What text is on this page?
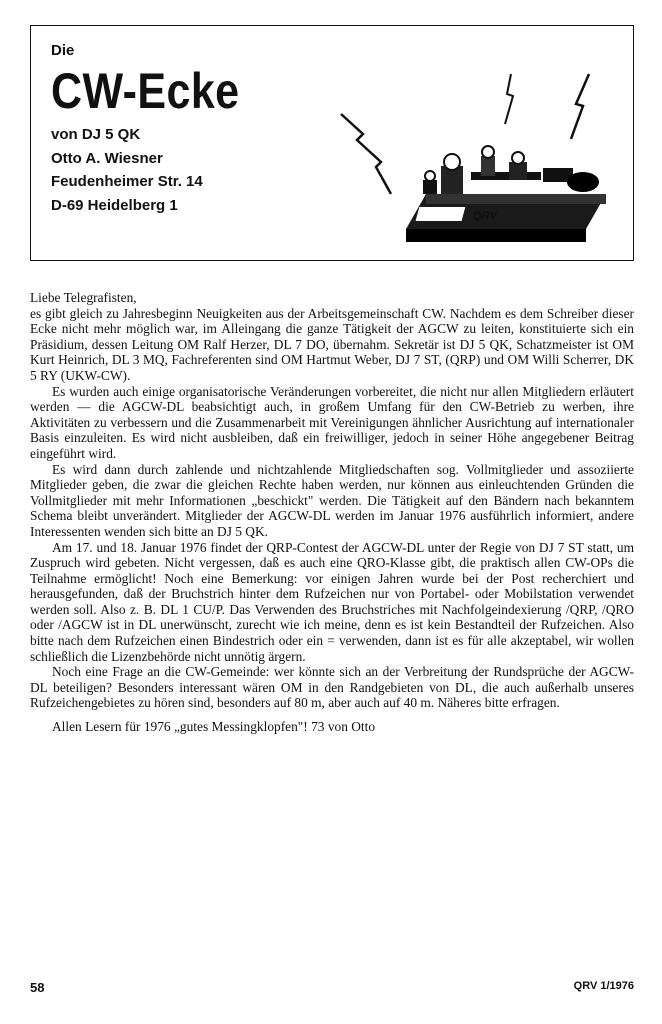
Die
CW-Ecke
von DJ 5 QK
Otto A. Wiesner
Feudenheimer Str. 14
D-69 Heidelberg 1
QRV

Liebe Telegrafisten,

es gibt gleich zu Jahresbeginn Neuigkeiten aus der Arbeitsgemeinschaft CW. Nachdem es dem Schreiber dieser Ecke nicht mehr möglich war, im Alleingang die ganze Tätigkeit der AGCW zu leiten, konstituierte sich ein Präsidium, dessen Leitung OM Ralf Herzer, DL 7 DO, übernahm. Sekretär ist DJ 5 QK, Schatzmeister ist OM Kurt Heinrich, DL 3 MQ, Fachreferenten sind OM Hartmut Weber, DJ 7 ST, (QRP) und OM Willi Scherrer, DK 5 RY (UKW-CW).

Es wurden auch einige organisatorische Veränderungen vorbereitet, die nicht nur allen Mitgliedern erläutert werden — die AGCW-DL beabsichtigt auch, in großem Umfang für den CW-Betrieb zu werben, ihre Aktivitäten zu verbessern und die Zusammenarbeit mit Vereinigungen ähnlicher Ausrichtung auf internationaler Basis einzuleiten. Es wird nicht ausbleiben, daß ein freiwilliger, jedoch in seiner Höhe angegebener Beitrag eingeführt wird.

Es wird dann durch zahlende und nichtzahlende Mitgliedschaften sog. Vollmitglieder und assoziierte Mitglieder geben, die zwar die gleichen Rechte haben werden, nur können aus einleuchtenden Gründen die Vollmitglieder mit mehr Informationen „beschickt" werden. Die Tätigkeit auf den Bändern nach bekanntem Schema bleibt unverändert. Mitglieder der AGCW-DL werden im Januar 1976 ausführlich informiert, andere Interessenten wenden sich bitte an DJ 5 QK.

Am 17. und 18. Januar 1976 findet der QRP-Contest der AGCW-DL unter der Regie von DJ 7 ST statt, um Zuspruch wird gebeten. Nicht vergessen, daß es auch eine QRO-Klasse gibt, die praktisch allen CW-OPs die Teilnahme ermöglicht! Noch eine Bemerkung: vor einigen Jahren wurde bei der Post recherchiert und herausgefunden, daß der Bruchstrich hinter dem Rufzeichen nur von Portabel- oder Mobilstation verwendet werden soll. Also z. B. DL 1 CU/P. Das Verwenden des Bruchstriches mit Nachfolgeindexierung /QRP, /QRO oder /AGCW ist in DL unerwünscht, zurecht wie ich meine, denn es ist kein Bestandteil der Rufzeichen. Also bitte nach dem Rufzeichen einen Bindestrich oder ein = verwenden, dann ist es für alle akzeptabel, wir wollen schließlich die Lizenzbehörde nicht unnötig ärgern.

Noch eine Frage an die CW-Gemeinde: wer könnte sich an der Verbreitung der Rundsprüche der AGCW-DL beteiligen? Besonders interessant wären OM in den Randgebieten von DL, die auch außerhalb unseres Rufzeichengebietes zu hören sind, besonders auf 80 m, aber auch auf 40 m. Näheres bitte erfragen.

Allen Lesern für 1976 „gutes Messingklopfen"! 73 von Otto

58	QRV 1/1976
